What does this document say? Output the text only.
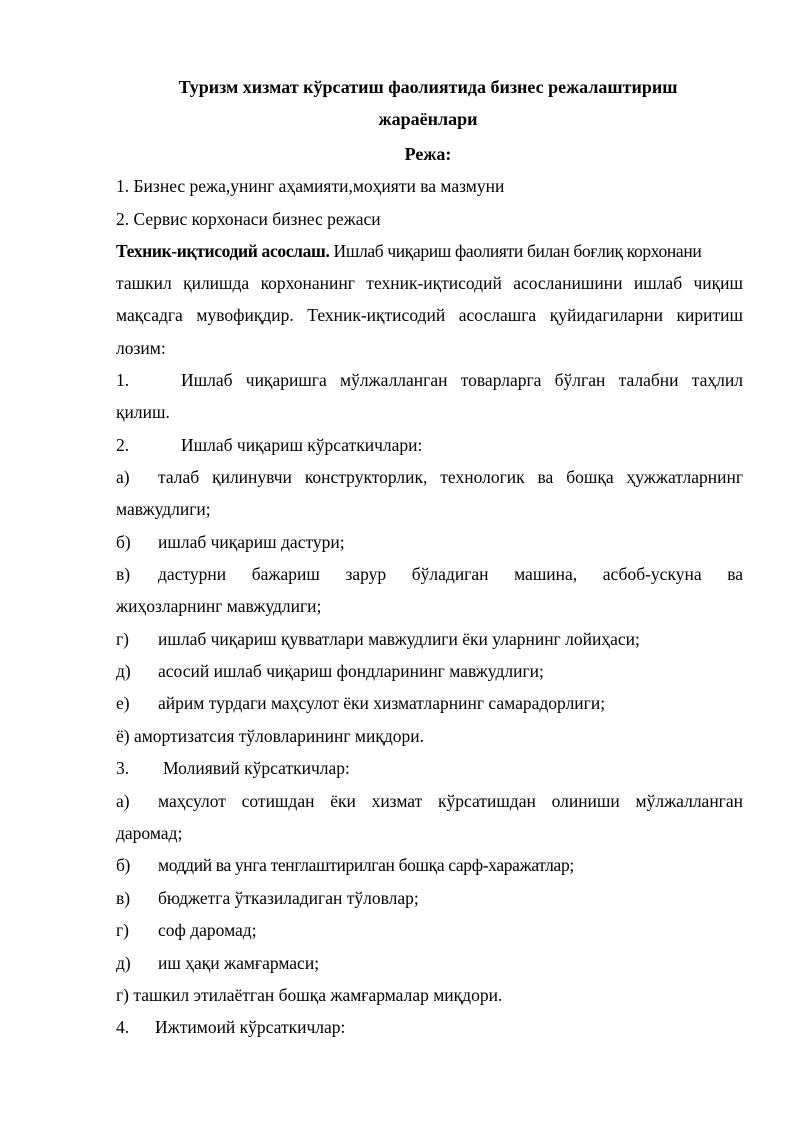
Туризм хизмат кўрсатиш фаолиятида бизнес режалаштириш
жараёнлари
Режа:
1. Бизнес режа,унинг аҳамияти,моҳияти ва мазмуни
2. Сервис корхонаси бизнес режаси
Техник-иқтисодий асослаш. Ишлаб чиқариш фаолияти билан боғлиқ корхонани
ташкил қилишда корхонанинг техник-иқтисодий асосланишини ишлаб чиқиш
мақсадга мувофиқдир. Техник-иқтисодий асослашга қуйидагиларни киритиш
лозим:
1.	Ишлаб чиқаришга мўлжалланган товарларга бўлган талабни таҳлил
қилиш.
2.	Ишлаб чиқариш кўрсаткичлари:
а) талаб қилинувчи конструкторлик, технологик ва бошқа ҳужжатларнинг
мавжудлиги;
б) ишлаб чиқариш дастури;
в) дастурни бажариш зарур бўладиган машина, асбоб-ускуна ва
жиҳозларнинг мавжудлиги;
г) ишлаб чиқариш қувватлари мавжудлиги ёки уларнинг лойиҳаси;
д) асосий ишлаб чиқариш фондларининг мавжудлиги;
е) айрим турдаги маҳсулот ёки хизматларнинг самарадорлиги;
ё) амортизатсия тўловларининг миқдори.
3. Молиявий кўрсаткичлар:
а) маҳсулот сотишдан ёки хизмат кўрсатишдан олиниши мўлжалланган
даромад;
б) моддий ва унга тенглаштирилган бошқа сарф-харажатлар;
в) бюджетга ўтказиладиган тўловлар;
г) соф даромад;
д) иш ҳақи жамғармаси;
г) ташкил этилаётган бошқа жамғармалар миқдори.
4. Ижтимоий кўрсаткичлар:
